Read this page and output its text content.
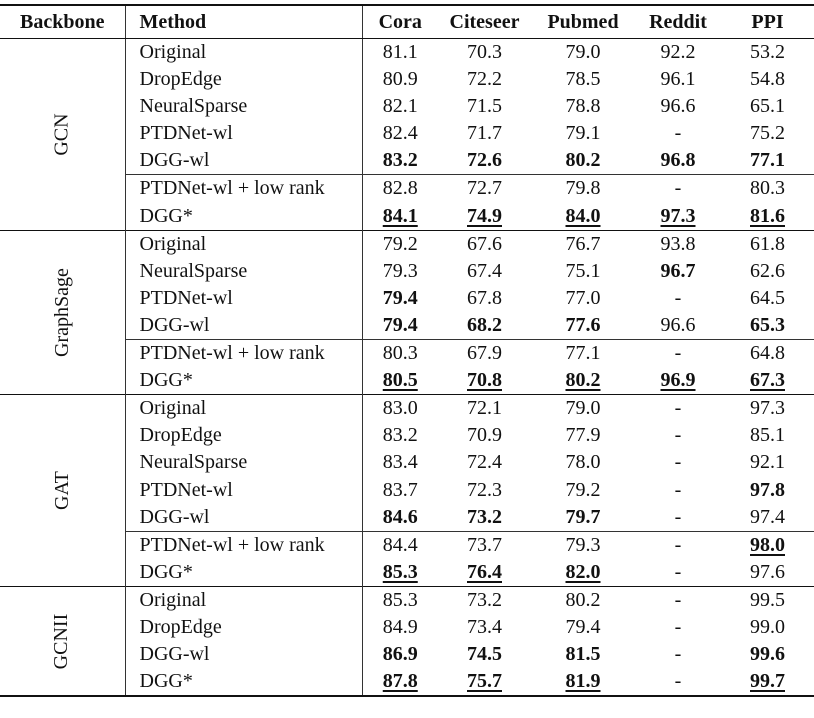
Backbone	Method	Cora	Citeseer	Pubmed	Reddit	PPI
GCN	Original	81.1	70.3	79.0	92.2	53.2
	DropEdge	80.9	72.2	78.5	96.1	54.8
	NeuralSparse	82.1	71.5	78.8	96.6	65.1
	PTDNet-wl	82.4	71.7	79.1	-	75.2
	DGG-wl	83.2	72.6	80.2	96.8	77.1
	PTDNet-wl + low rank	82.8	72.7	79.8	-	80.3
	DGG*	84.1	74.9	84.0	97.3	81.6
GraphSage	Original	79.2	67.6	76.7	93.8	61.8
	NeuralSparse	79.3	67.4	75.1	96.7	62.6
	PTDNet-wl	79.4	67.8	77.0	-	64.5
	DGG-wl	79.4	68.2	77.6	96.6	65.3
	PTDNet-wl + low rank	80.3	67.9	77.1	-	64.8
	DGG*	80.5	70.8	80.2	96.9	67.3
GAT	Original	83.0	72.1	79.0	-	97.3
	DropEdge	83.2	70.9	77.9	-	85.1
	NeuralSparse	83.4	72.4	78.0	-	92.1
	PTDNet-wl	83.7	72.3	79.2	-	97.8
	DGG-wl	84.6	73.2	79.7	-	97.4
	PTDNet-wl + low rank	84.4	73.7	79.3	-	98.0
	DGG*	85.3	76.4	82.0	-	97.6
GCNII	Original	85.3	73.2	80.2	-	99.5
	DropEdge	84.9	73.4	79.4	-	99.0
	DGG-wl	86.9	74.5	81.5	-	99.6
	DGG*	87.8	75.7	81.9	-	99.7
